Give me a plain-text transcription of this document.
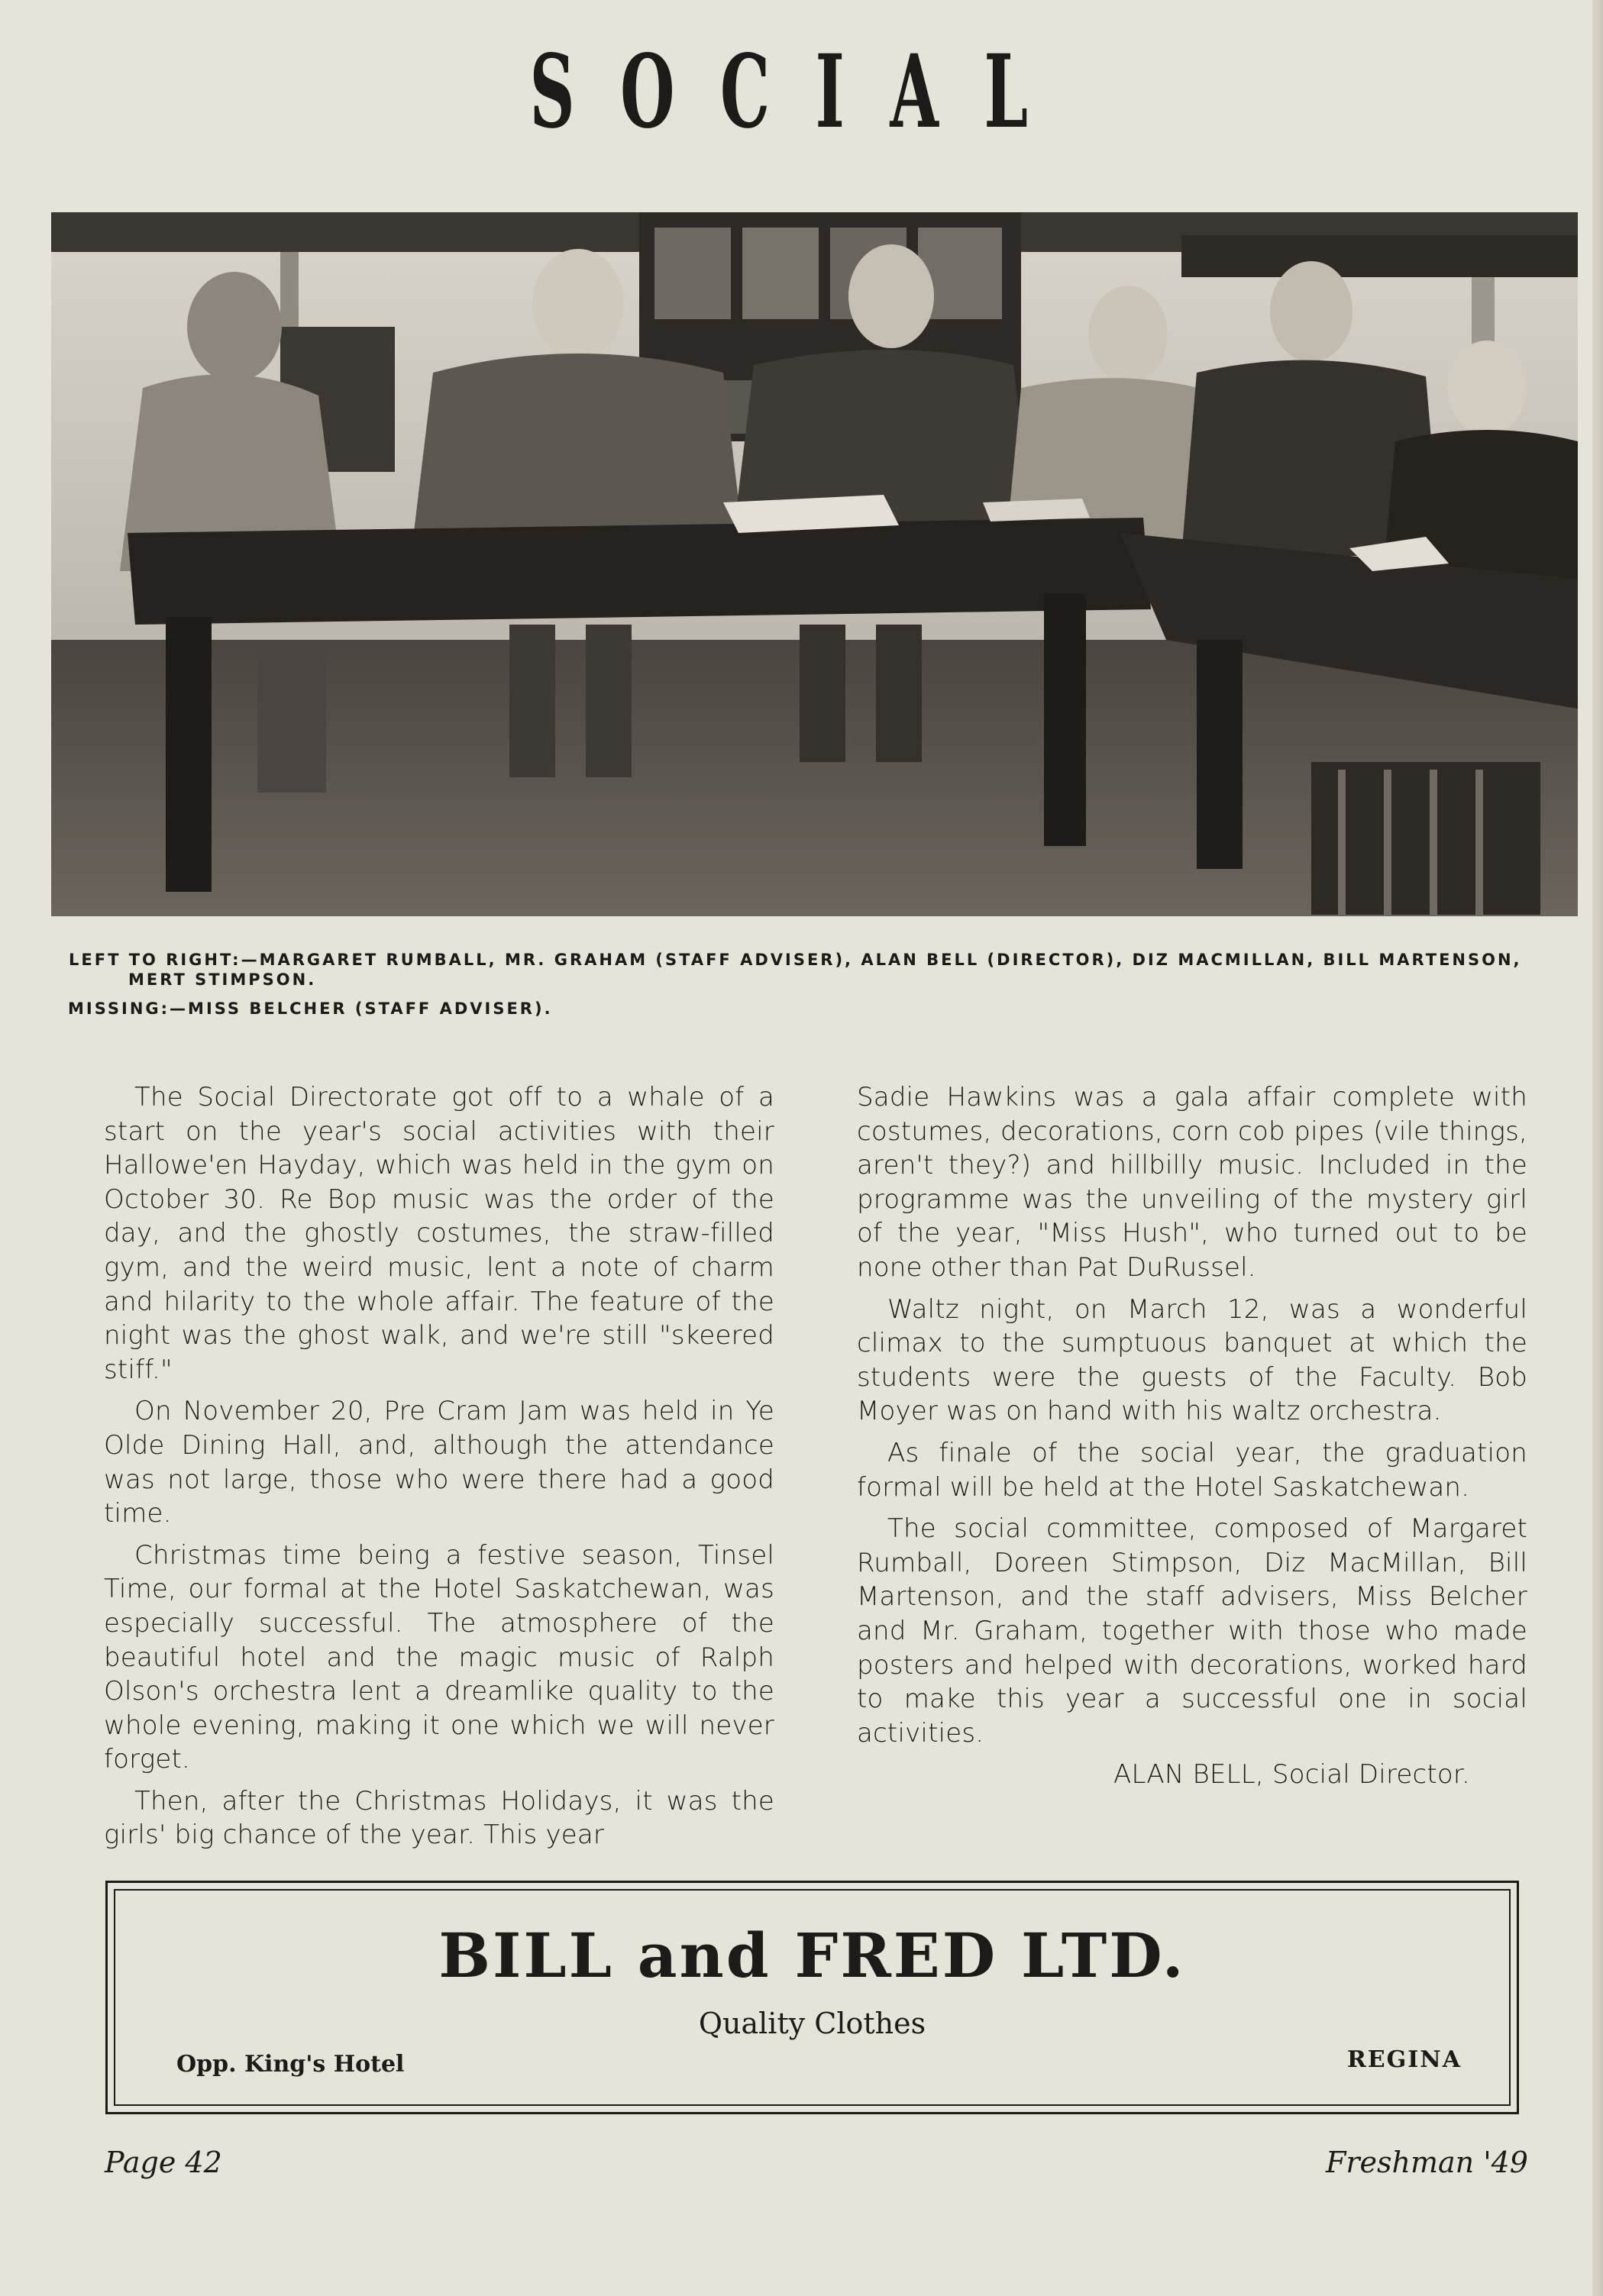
SOCIAL
LEFT TO RIGHT:—MARGARET RUMBALL, MR. GRAHAM (STAFF ADVISER), ALAN BELL (DIRECTOR), DIZ MACMILLAN, BILL MARTENSON, MERT STIMPSON.
MISSING:—MISS BELCHER (STAFF ADVISER).

The Social Directorate got off to a whale of a start on the year's social activities with their Hallowe'en Hayday, which was held in the gym on October 30. Re Bop music was the order of the day, and the ghostly costumes, the straw-filled gym, and the weird music, lent a note of charm and hilarity to the whole affair. The feature of the night was the ghost walk, and we're still "skeered stiff."

On November 20, Pre Cram Jam was held in Ye Olde Dining Hall, and, although the attendance was not large, those who were there had a good time.

Christmas time being a festive season, Tinsel Time, our formal at the Hotel Saskatchewan, was especially successful. The atmosphere of the beautiful hotel and the magic music of Ralph Olson's orchestra lent a dreamlike quality to the whole evening, making it one which we will never forget.

Then, after the Christmas Holidays, it was the girls' big chance of the year. This year

Sadie Hawkins was a gala affair complete with costumes, decorations, corn cob pipes (vile things, aren't they?) and hillbilly music. Included in the programme was the unveiling of the mystery girl of the year, "Miss Hush", who turned out to be none other than Pat DuRussel.

Waltz night, on March 12, was a wonderful climax to the sumptuous banquet at which the students were the guests of the Faculty. Bob Moyer was on hand with his waltz orchestra.

As finale of the social year, the graduation formal will be held at the Hotel Saskatchewan.

The social committee, composed of Margaret Rumball, Doreen Stimpson, Diz MacMillan, Bill Martenson, and the staff advisers, Miss Belcher and Mr. Graham, together with those who made posters and helped with decorations, worked hard to make this year a successful one in social activities.

ALAN BELL, Social Director.

BILL and FRED LTD.
Quality Clothes
Opp. King's Hotel	REGINA
Page 42	Freshman '49
